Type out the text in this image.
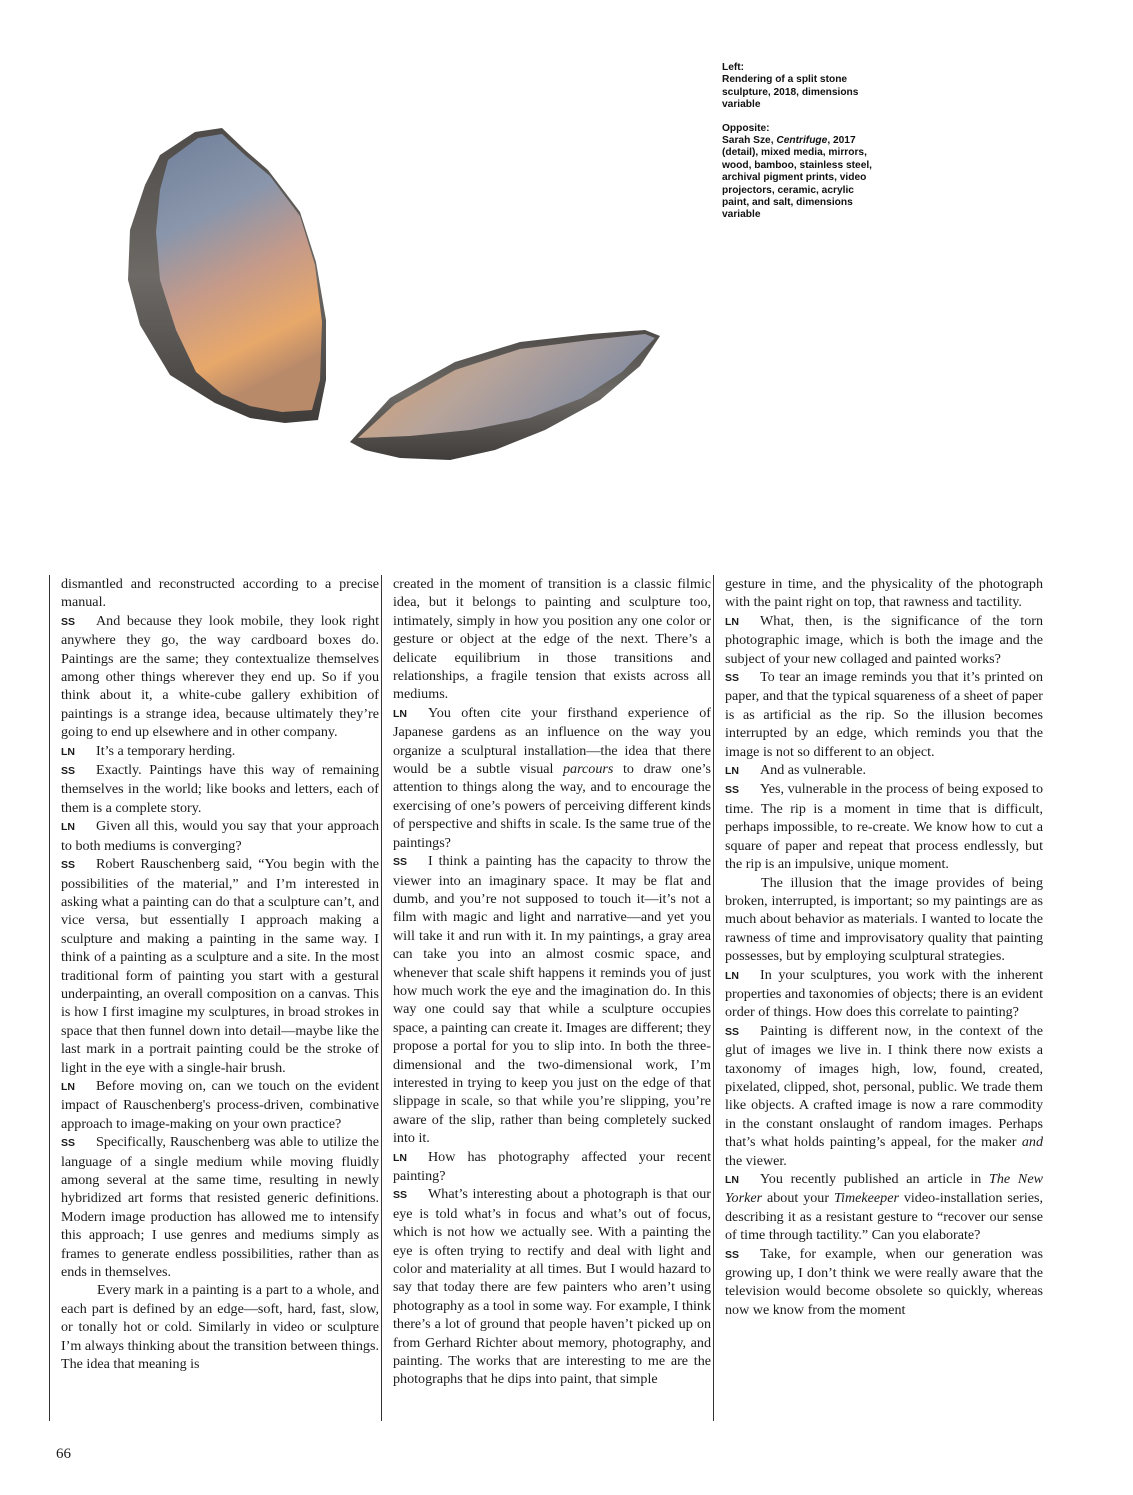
Left:
Rendering of a split stone sculpture, 2018, dimensions variable

Opposite:
Sarah Sze, Centrifuge, 2017 (detail), mixed media, mirrors, wood, bamboo, stainless steel, archival pigment prints, video projectors, ceramic, acrylic paint, and salt, dimensions variable

dismantled and reconstructed according to a precise manual.

SS And because they look mobile, they look right anywhere they go, the way cardboard boxes do. Paintings are the same; they contextualize themselves among other things wherever they end up. So if you think about it, a white-cube gallery exhibition of paintings is a strange idea, because ultimately they’re going to end up elsewhere and in other company.

LN It’s a temporary herding.

SS Exactly. Paintings have this way of remaining themselves in the world; like books and letters, each of them is a complete story.

LN Given all this, would you say that your approach to both mediums is converging?

SS Robert Rauschenberg said, “You begin with the possibilities of the material,” and I’m interested in asking what a painting can do that a sculpture can’t, and vice versa, but essentially I approach making a sculpture and making a painting in the same way. I think of a painting as a sculpture and a site. In the most traditional form of painting you start with a gestural underpainting, an overall composition on a canvas. This is how I first imagine my sculptures, in broad strokes in space that then funnel down into detail—maybe like the last mark in a portrait painting could be the stroke of light in the eye with a single-hair brush.

LN Before moving on, can we touch on the evident impact of Rauschenberg's process-driven, combinative approach to image-making on your own practice?

SS Specifically, Rauschenberg was able to utilize the language of a single medium while moving fluidly among several at the same time, resulting in newly hybridized art forms that resisted generic definitions. Modern image production has allowed me to intensify this approach; I use genres and mediums simply as frames to generate endless possibilities, rather than as ends in themselves.

Every mark in a painting is a part to a whole, and each part is defined by an edge—soft, hard, fast, slow, or tonally hot or cold. Similarly in video or sculpture I’m always thinking about the transition between things. The idea that meaning is

created in the moment of transition is a classic filmic idea, but it belongs to painting and sculpture too, intimately, simply in how you position any one color or gesture or object at the edge of the next. There’s a delicate equilibrium in those transitions and relationships, a fragile tension that exists across all mediums.

LN You often cite your firsthand experience of Japanese gardens as an influence on the way you organize a sculptural installation—the idea that there would be a subtle visual parcours to draw one’s attention to things along the way, and to encourage the exercising of one’s powers of perceiving different kinds of perspective and shifts in scale. Is the same true of the paintings?

SS I think a painting has the capacity to throw the viewer into an imaginary space. It may be flat and dumb, and you’re not supposed to touch it—it’s not a film with magic and light and narrative—and yet you will take it and run with it. In my paintings, a gray area can take you into an almost cosmic space, and whenever that scale shift happens it reminds you of just how much work the eye and the imagination do. In this way one could say that while a sculpture occupies space, a painting can create it. Images are different; they propose a portal for you to slip into. In both the three-dimensional and the two-dimensional work, I’m interested in trying to keep you just on the edge of that slippage in scale, so that while you’re slipping, you’re aware of the slip, rather than being completely sucked into it.

LN How has photography affected your recent painting?

SS What’s interesting about a photograph is that our eye is told what’s in focus and what’s out of focus, which is not how we actually see. With a painting the eye is often trying to rectify and deal with light and color and materiality at all times. But I would hazard to say that today there are few painters who aren’t using photography as a tool in some way. For example, I think there’s a lot of ground that people haven’t picked up on from Gerhard Richter about memory, photography, and painting. The works that are interesting to me are the photographs that he dips into paint, that simple

gesture in time, and the physicality of the photograph with the paint right on top, that rawness and tactility.

LN What, then, is the significance of the torn photographic image, which is both the image and the subject of your new collaged and painted works?

SS To tear an image reminds you that it’s printed on paper, and that the typical squareness of a sheet of paper is as artificial as the rip. So the illusion becomes interrupted by an edge, which reminds you that the image is not so different to an object.

LN And as vulnerable.

SS Yes, vulnerable in the process of being exposed to time. The rip is a moment in time that is difficult, perhaps impossible, to re-create. We know how to cut a square of paper and repeat that process endlessly, but the rip is an impulsive, unique moment.

The illusion that the image provides of being broken, interrupted, is important; so my paintings are as much about behavior as materials. I wanted to locate the rawness of time and improvisatory quality that painting possesses, but by employing sculptural strategies.

LN In your sculptures, you work with the inherent properties and taxonomies of objects; there is an evident order of things. How does this correlate to painting?

SS Painting is different now, in the context of the glut of images we live in. I think there now exists a taxonomy of images high, low, found, created, pixelated, clipped, shot, personal, public. We trade them like objects. A crafted image is now a rare commodity in the constant onslaught of random images. Perhaps that’s what holds painting’s appeal, for the maker and the viewer.

LN You recently published an article in The New Yorker about your Timekeeper video-installation series, describing it as a resistant gesture to “recover our sense of time through tactility.” Can you elaborate?

SS Take, for example, when our generation was growing up, I don’t think we were really aware that the television would become obsolete so quickly, whereas now we know from the moment

66
